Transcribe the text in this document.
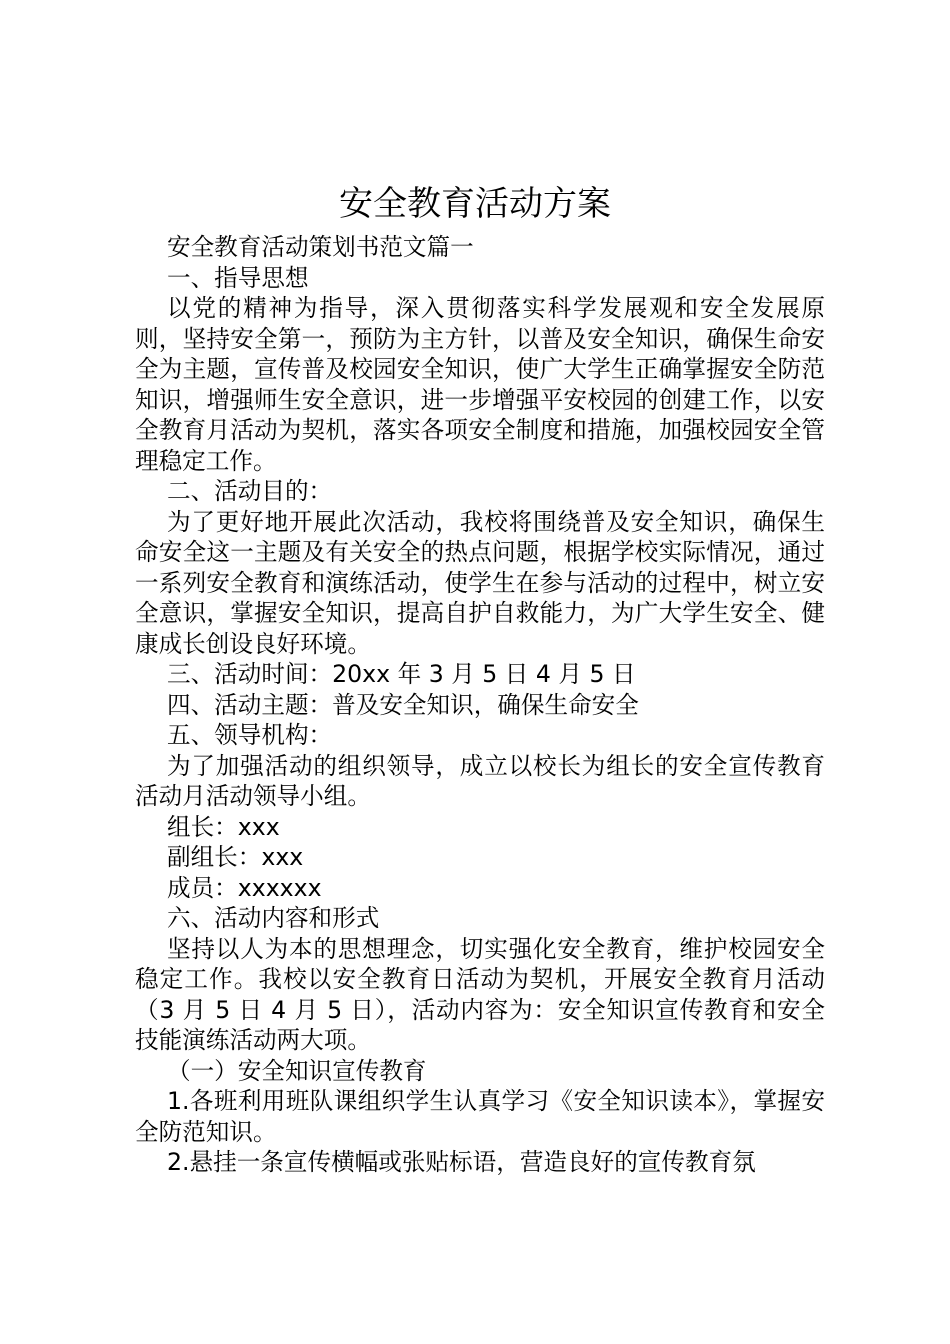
安全教育活动方案

安全教育活动策划书范文篇一

一、指导思想

以党的精神为指导，深入贯彻落实科学发展观和安全发展原则，坚持安全第一，预防为主方针，以普及安全知识，确保生命安全为主题，宣传普及校园安全知识，使广大学生正确掌握安全防范知识，增强师生安全意识，进一步增强平安校园的创建工作，以安全教育月活动为契机，落实各项安全制度和措施，加强校园安全管理稳定工作。

二、活动目的：

为了更好地开展此次活动，我校将围绕普及安全知识，确保生命安全这一主题及有关安全的热点问题，根据学校实际情况，通过一系列安全教育和演练活动，使学生在参与活动的过程中，树立安全意识，掌握安全知识，提高自护自救能力，为广大学生安全、健康成长创设良好环境。

三、活动时间：20xx 年 3 月 5 日 4 月 5 日

四、活动主题：普及安全知识，确保生命安全

五、领导机构：

为了加强活动的组织领导，成立以校长为组长的安全宣传教育活动月活动领导小组。

组长：xxx

副组长：xxx

成员：xxxxxx

六、活动内容和形式

坚持以人为本的思想理念，切实强化安全教育，维护校园安全稳定工作。我校以安全教育日活动为契机，开展安全教育月活动（3 月 5 日 4 月 5 日），活动内容为：安全知识宣传教育和安全技能演练活动两大项。

（一）安全知识宣传教育

1.各班利用班队课组织学生认真学习《安全知识读本》，掌握安全防范知识。

2.悬挂一条宣传横幅或张贴标语，营造良好的宣传教育氛
